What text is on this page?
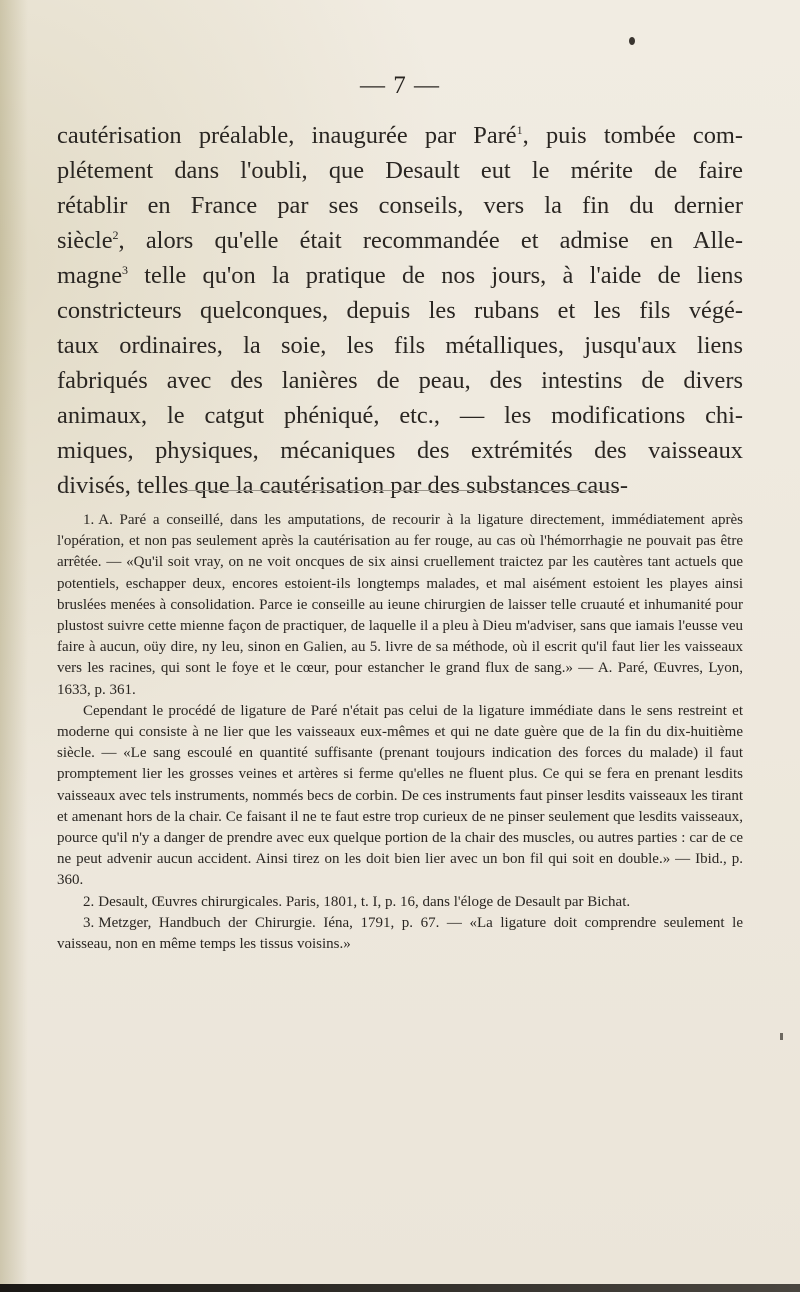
— 7 —
cautérisation préalable, inaugurée par Paré$^1$, puis tombée com-
plétement dans l'oubli, que Desault eut le mérite de faire
rétablir en France par ses conseils, vers la fin du dernier
siècle$^2$, alors qu'elle était recommandée et admise en Alle-
magne$^3$ telle qu'on la pratique de nos jours, à l'aide de liens
constricteurs quelconques, depuis les rubans et les fils végé-
taux ordinaires, la soie, les fils métalliques, jusqu'aux liens
fabriqués avec des lanières de peau, des intestins de divers
animaux, le catgut phéniqué, etc., — les modifications chi-
miques, physiques, mécaniques des extrémités des vaisseaux
divisés, telles que la cautérisation par des substances caus-

1. A. Paré a conseillé, dans les amputations, de recourir à la ligature directement, immédiatement après l'opération, et non pas seulement après la cautérisation au fer rouge, au cas où l'hémorrhagie ne pouvait pas être arrêtée. — «Qu'il soit vray, on ne voit oncques de six ainsi cruellement traictez par les cautères tant actuels que potentiels, eschapper deux, encores estoient-ils longtemps malades, et mal aisément estoient les playes ainsi bruslées menées à consolidation. Parce ie conseille au ieune chirurgien de laisser telle cruauté et inhumanité pour plustost suivre cette mienne façon de practiquer, de laquelle il a pleu à Dieu m'adviser, sans que iamais l'eusse veu faire à aucun, oüy dire, ny leu, sinon en Galien, au 5. livre de sa méthode, où il escrit qu'il faut lier les vaisseaux vers les racines, qui sont le foye et le cœur, pour estancher le grand flux de sang.» — A. Paré, Œuvres, Lyon, 1633, p. 361.

Cependant le procédé de ligature de Paré n'était pas celui de la ligature immédiate dans le sens restreint et moderne qui consiste à ne lier que les vaisseaux eux-mêmes et qui ne date guère que de la fin du dix-huitième siècle. — «Le sang escoulé en quantité suffisante (prenant toujours indication des forces du malade) il faut promptement lier les grosses veines et artères si ferme qu'elles ne fluent plus. Ce qui se fera en prenant lesdits vaisseaux avec tels instruments, nommés becs de corbin. De ces instruments faut pinser lesdits vaisseaux les tirant et amenant hors de la chair. Ce faisant il ne te faut estre trop curieux de ne pinser seulement que lesdits vaisseaux, pource qu'il n'y a danger de prendre avec eux quelque portion de la chair des muscles, ou autres parties : car de ce ne peut advenir aucun accident. Ainsi tirez on les doit bien lier avec un bon fil qui soit en double.» — Ibid., p. 360.

2. Desault, Œuvres chirurgicales. Paris, 1801, t. I, p. 16, dans l'éloge de Desault par Bichat.

3. Metzger, Handbuch der Chirurgie. Iéna, 1791, p. 67. — «La ligature doit comprendre seulement le vaisseau, non en même temps les tissus voisins.»
